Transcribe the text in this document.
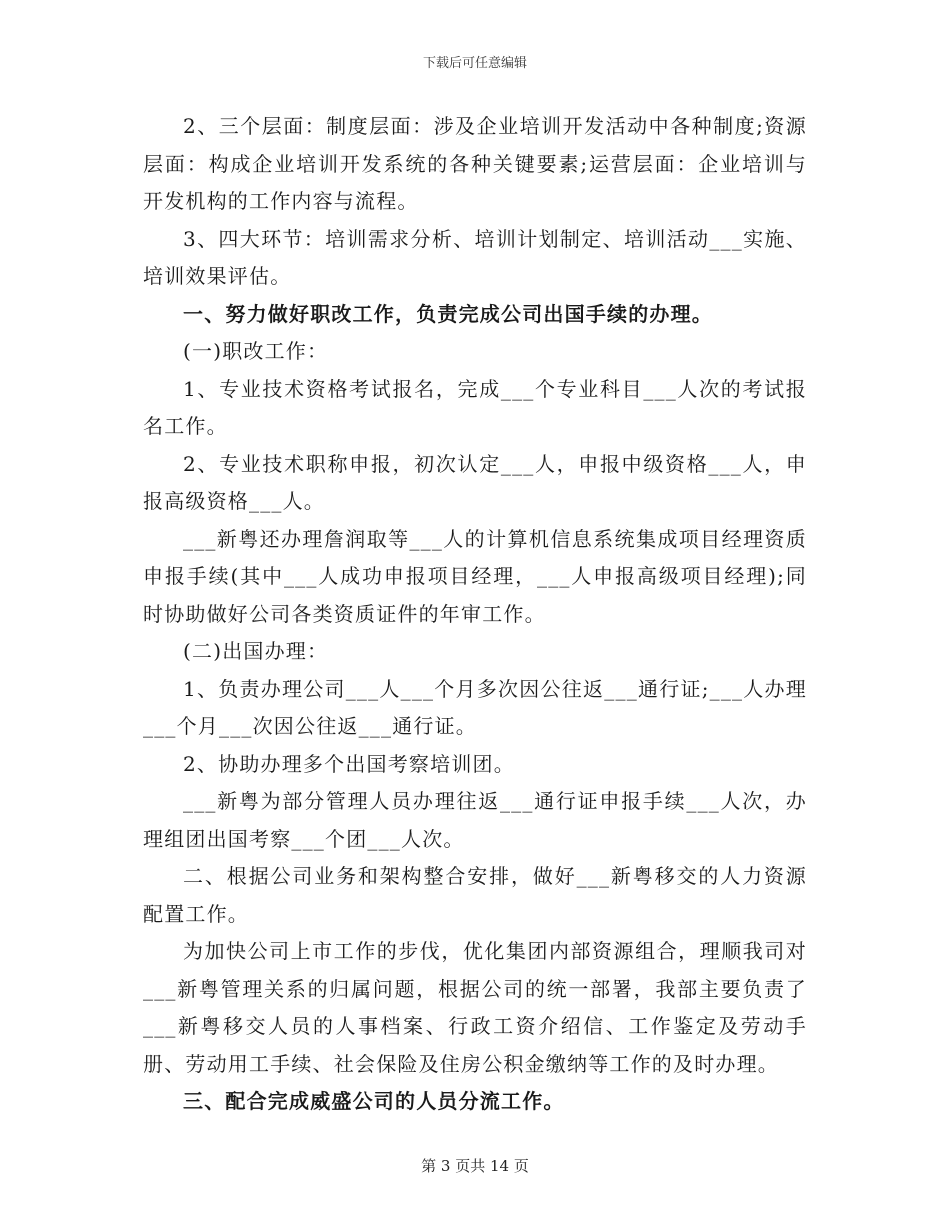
下载后可任意编辑

2、三个层面：制度层面：涉及企业培训开发活动中各种制度;资源层面：构成企业培训开发系统的各种关键要素;运营层面：企业培训与开发机构的工作内容与流程。

3、四大环节：培训需求分析、培训计划制定、培训活动___实施、培训效果评估。

一、努力做好职改工作，负责完成公司出国手续的办理。

(一)职改工作：

1、专业技术资格考试报名，完成___个专业科目___人次的考试报名工作。

2、专业技术职称申报，初次认定___人，申报中级资格___人，申报高级资格___人。

___新粤还办理詹润取等___人的计算机信息系统集成项目经理资质申报手续(其中___人成功申报项目经理，___人申报高级项目经理);同时协助做好公司各类资质证件的年审工作。

(二)出国办理：

1、负责办理公司___人___个月多次因公往返___通行证;___人办理___个月___次因公往返___通行证。

2、协助办理多个出国考察培训团。

___新粤为部分管理人员办理往返___通行证申报手续___人次，办理组团出国考察___个团___人次。

二、根据公司业务和架构整合安排，做好___新粤移交的人力资源配置工作。

为加快公司上市工作的步伐，优化集团内部资源组合，理顺我司对___新粤管理关系的归属问题，根据公司的统一部署，我部主要负责了___新粤移交人员的人事档案、行政工资介绍信、工作鉴定及劳动手册、劳动用工手续、社会保险及住房公积金缴纳等工作的及时办理。

三、配合完成威盛公司的人员分流工作。

第 3 页共 14 页
